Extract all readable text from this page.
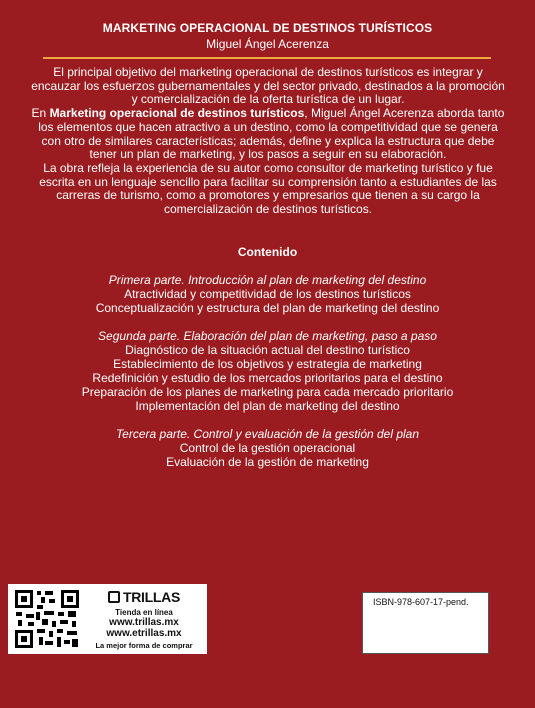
MARKETING OPERACIONAL DE DESTINOS TURÍSTICOS
Miguel Ángel Acerenza

El principal objetivo del marketing operacional de destinos turísticos es integrar y encauzar los esfuerzos gubernamentales y del sector privado, destinados a la promoción y comercialización de la oferta turística de un lugar.

En Marketing operacional de destinos turísticos, Miguel Ángel Acerenza aborda tanto los elementos que hacen atractivo a un destino, como la competitividad que se genera con otro de similares características; además, define y explica la estructura que debe tener un plan de marketing, y los pasos a seguir en su elaboración.

La obra refleja la experiencia de su autor como consultor de marketing turístico y fue escrita en un lenguaje sencillo para facilitar su comprensión tanto a estudiantes de las carreras de turismo, como a promotores y empresarios que tienen a su cargo la comercialización de destinos turísticos.

Contenido
Primera parte. Introducción al plan de marketing del destino
Atractividad y competitividad de los destinos turísticos
Conceptualización y estructura del plan de marketing del destino
Segunda parte. Elaboración del plan de marketing, paso a paso
Diagnóstico de la situación actual del destino turístico
Establecimiento de los objetivos y estrategia de marketing
Redefinición y estudio de los mercados prioritarios para el destino
Preparación de los planes de marketing para cada mercado prioritario
Implementación del plan de marketing del destino
Tercera parte. Control y evaluación de la gestión del plan
Control de la gestión operacional
Evaluación de la gestión de marketing
TRILLAS
Tienda en línea
www.trillas.mx
www.etrillas.mx
La mejor forma de comprar
ISBN-978-607-17-pend.
